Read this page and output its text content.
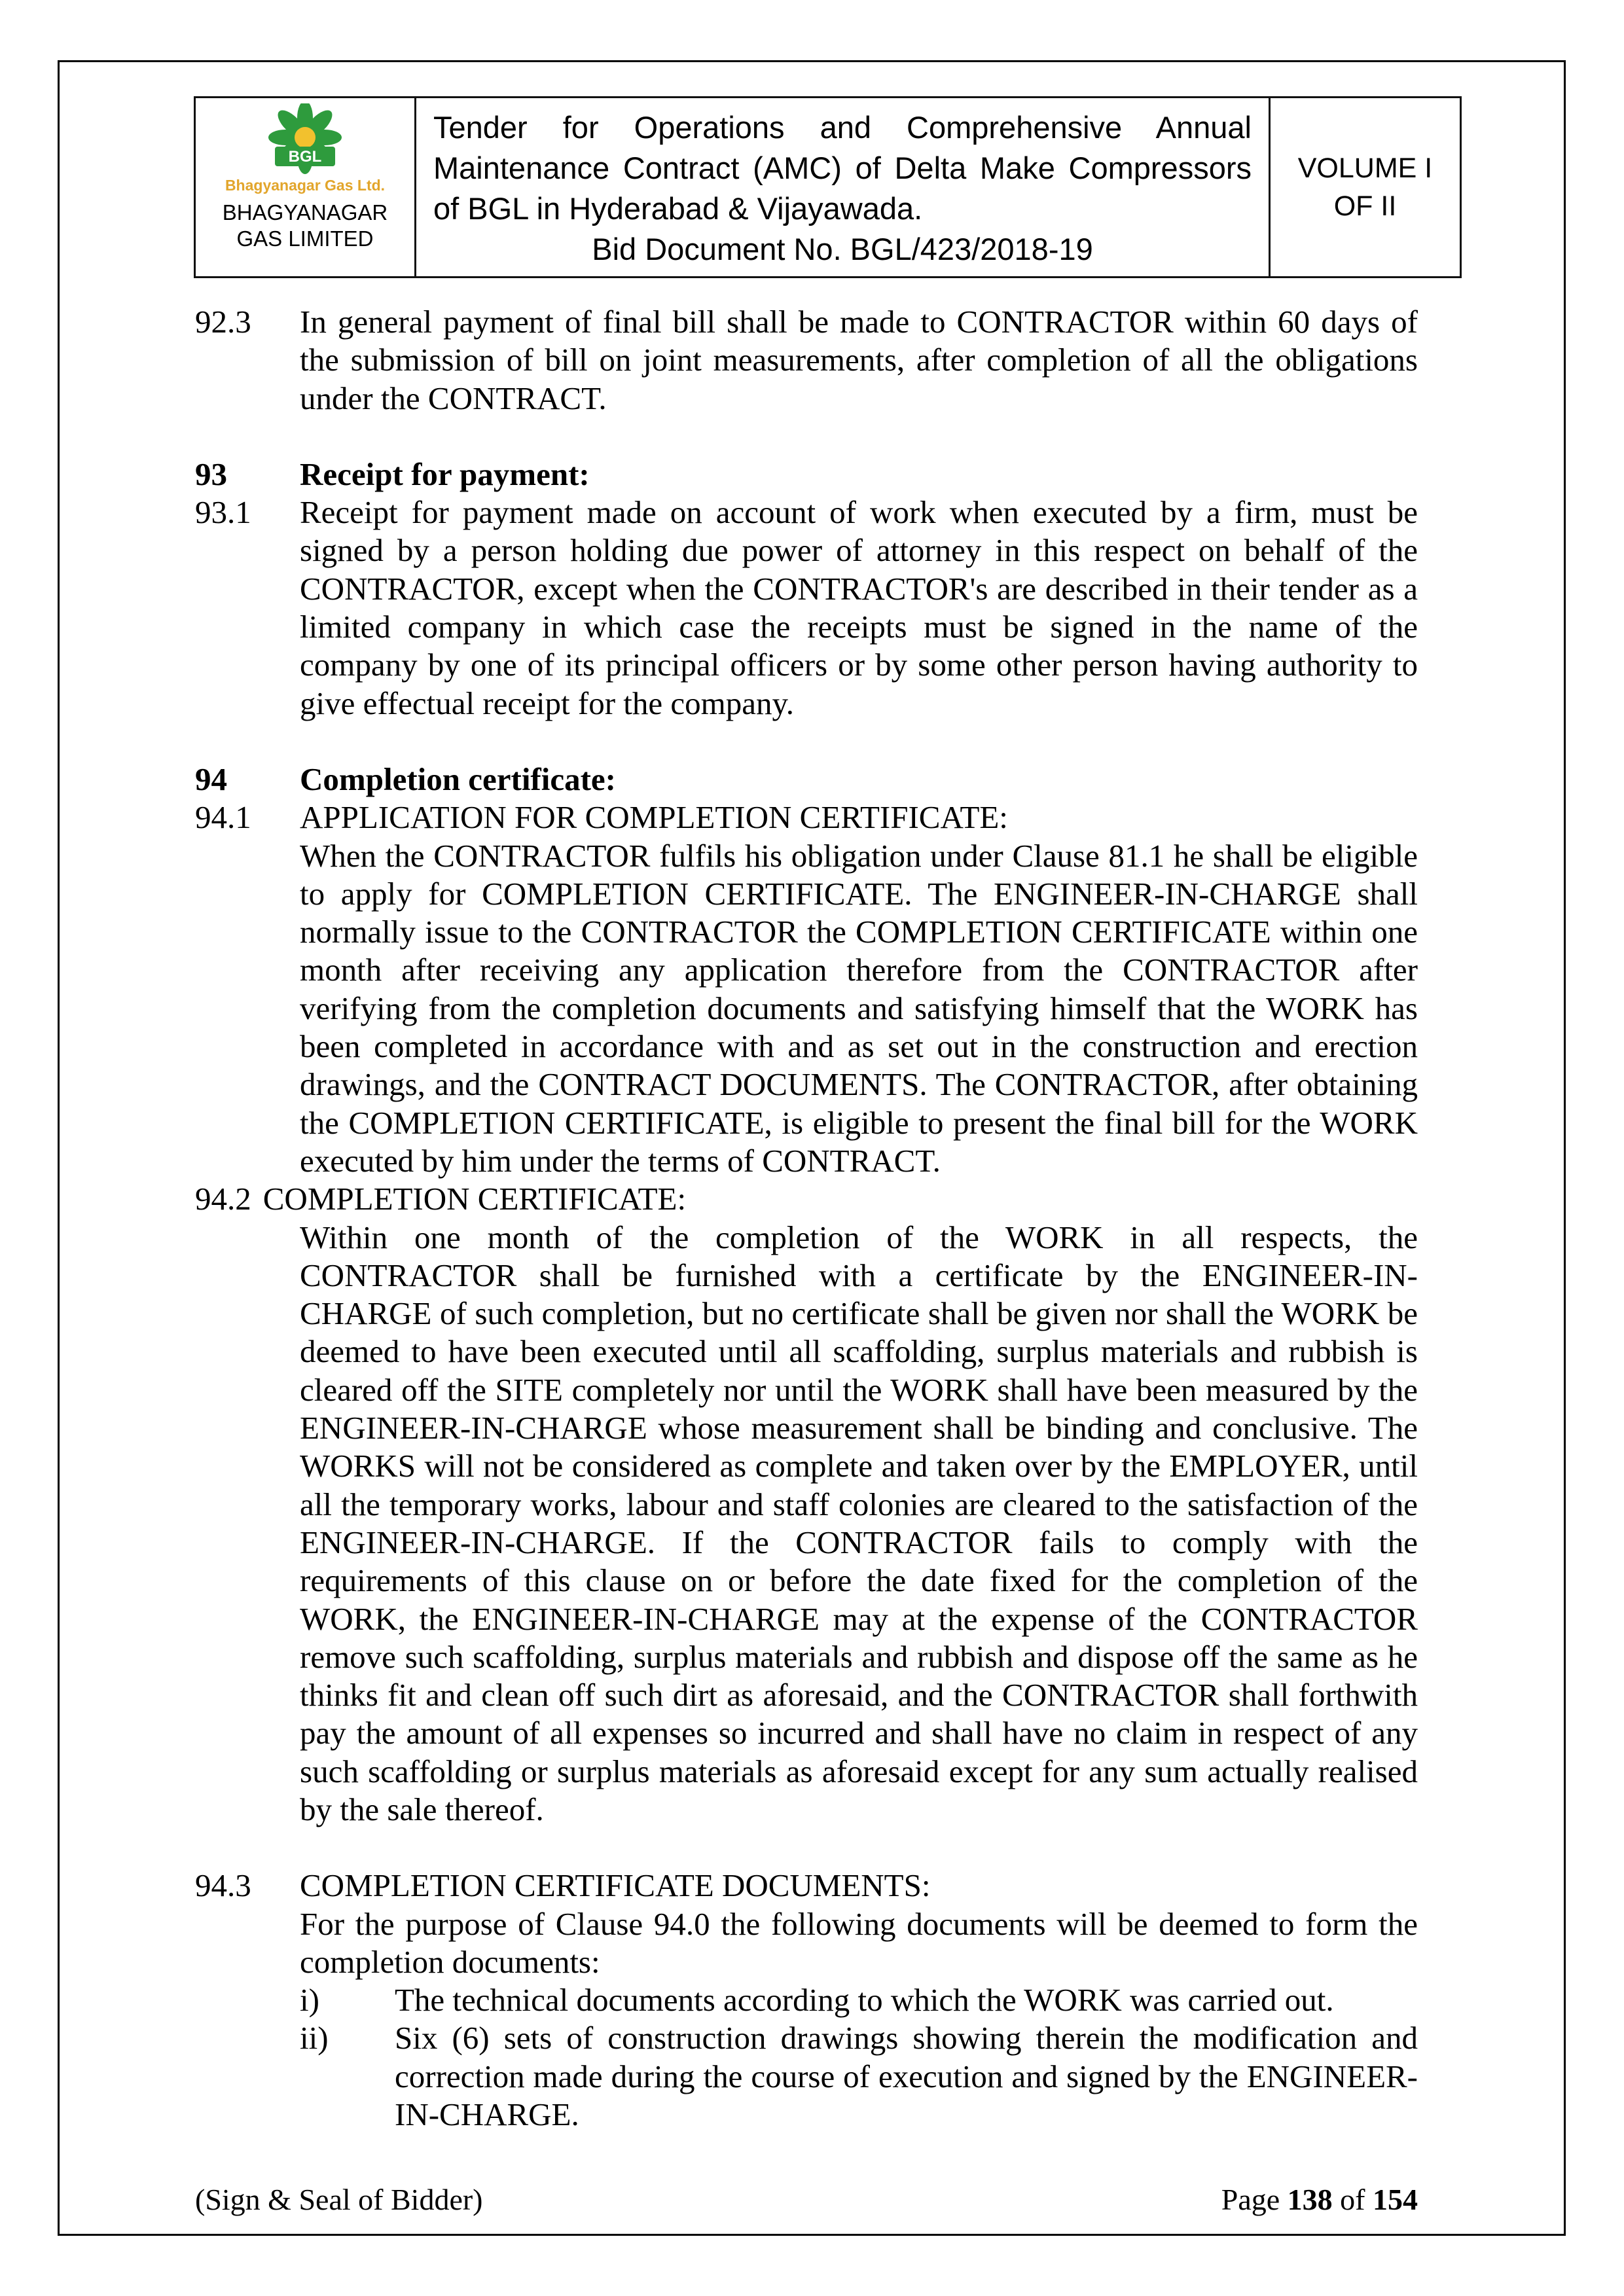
BGL
Bhagyanagar Gas Ltd.
BHAGYANAGAR GAS LIMITED
Tender for Operations and Comprehensive Annual Maintenance Contract (AMC) of Delta Make Compressors of BGL in Hyderabad & Vijayawada.
Bid Document No. BGL/423/2018-19
VOLUME I
OF II
92.3	In general payment of final bill shall be made to CONTRACTOR within 60 days of the submission of bill on joint measurements, after completion of all the obligations under the CONTRACT.

93	Receipt for payment:

93.1	Receipt for payment made on account of work when executed by a firm, must be signed by a person holding due power of attorney in this respect on behalf of the CONTRACTOR, except when the CONTRACTOR's are described in their tender as a limited company in which case the receipts must be signed in the name of the company by one of its principal officers or by some other person having authority to give effectual receipt for the company.

94	Completion certificate:

94.1	APPLICATION FOR COMPLETION CERTIFICATE:

When the CONTRACTOR fulfils his obligation under Clause 81.1 he shall be eligible to apply for COMPLETION CERTIFICATE. The ENGINEER-IN-CHARGE shall normally issue to the CONTRACTOR the COMPLETION CERTIFICATE within one month after receiving any application therefore from the CONTRACTOR after verifying from the completion documents and satisfying himself that the WORK has been completed in accordance with and as set out in the construction and erection drawings, and the CONTRACT DOCUMENTS. The CONTRACTOR, after obtaining the COMPLETION CERTIFICATE, is eligible to present the final bill for the WORK executed by him under the terms of CONTRACT.

94.2 COMPLETION CERTIFICATE:

Within one month of the completion of the WORK in all respects, the CONTRACTOR shall be furnished with a certificate by the ENGINEER-IN-CHARGE of such completion, but no certificate shall be given nor shall the WORK be deemed to have been executed until all scaffolding, surplus materials and rubbish is cleared off the SITE completely nor until the WORK shall have been measured by the ENGINEER-IN-CHARGE whose measurement shall be binding and conclusive. The WORKS will not be considered as complete and taken over by the EMPLOYER, until all the temporary works, labour and staff colonies are cleared to the satisfaction of the ENGINEER-IN-CHARGE. If the CONTRACTOR fails to comply with the requirements of this clause on or before the date fixed for the completion of the WORK, the ENGINEER-IN-CHARGE may at the expense of the CONTRACTOR remove such scaffolding, surplus materials and rubbish and dispose off the same as he thinks fit and clean off such dirt as aforesaid, and the CONTRACTOR shall forthwith pay the amount of all expenses so incurred and shall have no claim in respect of any such scaffolding or surplus materials as aforesaid except for any sum actually realised by the sale thereof.

94.3	COMPLETION CERTIFICATE DOCUMENTS:

For the purpose of Clause 94.0 the following documents will be deemed to form the completion documents:

i)	The technical documents according to which the WORK was carried out.

ii)	Six (6) sets of construction drawings showing therein the modification and correction made during the course of execution and signed by the ENGINEER-IN-CHARGE.

(Sign & Seal of Bidder)	Page 138 of 154
